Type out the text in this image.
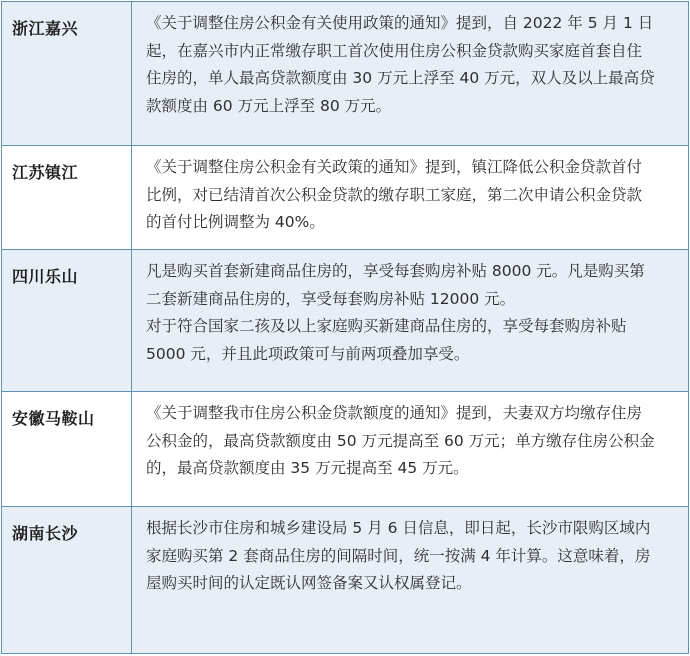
浙江嘉兴	《关于调整住房公积金有关使用政策的通知》提到，自 2022 年 5 月 1 日
起，在嘉兴市内正常缴存职工首次使用住房公积金贷款购买家庭首套自住
住房的，单人最高贷款额度由 30 万元上浮至 40 万元，双人及以上最高贷
款额度由 60 万元上浮至 80 万元。

江苏镇江	《关于调整住房公积金有关政策的通知》提到，镇江降低公积金贷款首付
比例，对已结清首次公积金贷款的缴存职工家庭，第二次申请公积金贷款
的首付比例调整为 40%。

四川乐山	凡是购买首套新建商品住房的，享受每套购房补贴 8000 元。凡是购买第
二套新建商品住房的，享受每套购房补贴 12000 元。
对于符合国家二孩及以上家庭购买新建商品住房的，享受每套购房补贴
5000 元，并且此项政策可与前两项叠加享受。

安徽马鞍山	《关于调整我市住房公积金贷款额度的通知》提到，夫妻双方均缴存住房
公积金的，最高贷款额度由 50 万元提高至 60 万元；单方缴存住房公积金
的，最高贷款额度由 35 万元提高至 45 万元。

湖南长沙	根据长沙市住房和城乡建设局 5 月 6 日信息，即日起，长沙市限购区域内
家庭购买第 2 套商品住房的间隔时间，统一按满 4 年计算。这意味着，房
屋购买时间的认定既认网签备案又认权属登记。
